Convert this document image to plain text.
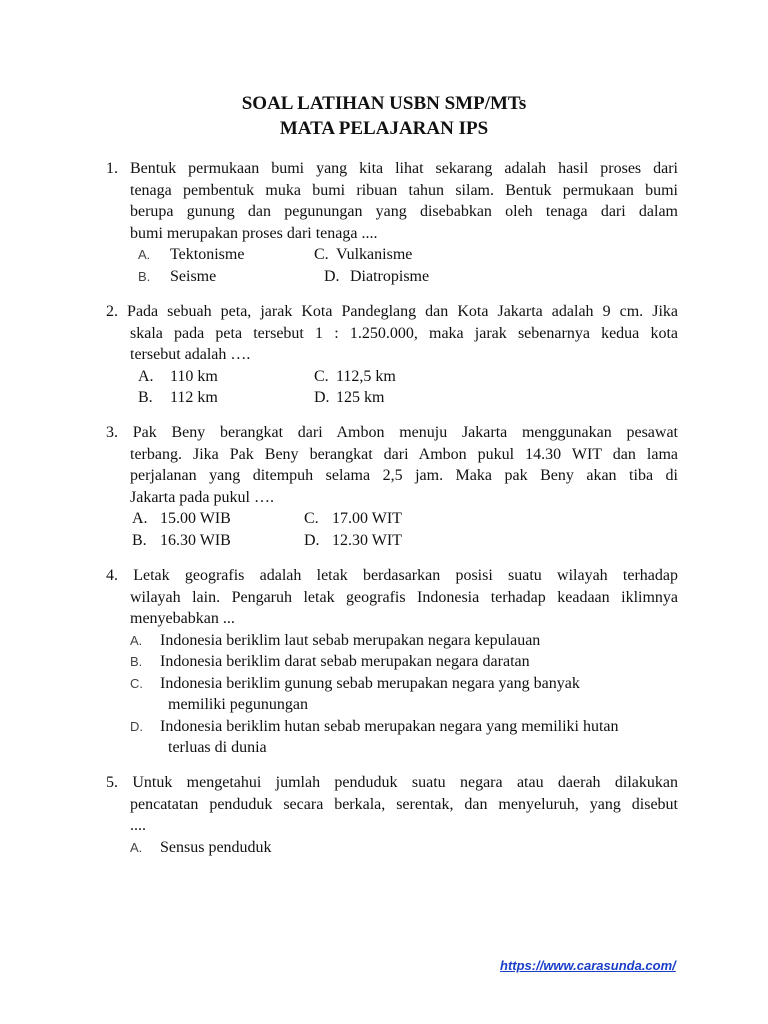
SOAL LATIHAN USBN SMP/MTs
MATA PELAJARAN IPS
1. Bentuk permukaan bumi yang kita lihat sekarang adalah hasil proses dari
tenaga pembentuk muka bumi ribuan tahun silam. Bentuk permukaan bumi
berupa gunung dan pegunungan yang disebabkan oleh tenaga dari dalam
bumi merupakan proses dari tenaga ....
A. Tektonisme	C. Vulkanisme
B. Seisme	D. Diatropisme
2. Pada sebuah peta, jarak Kota Pandeglang dan Kota Jakarta adalah 9 cm. Jika
skala pada peta tersebut 1 : 1.250.000, maka jarak sebenarnya kedua kota
tersebut adalah ….
A. 110 km	C. 112,5 km
B. 112 km	D. 125 km
3. Pak Beny berangkat dari Ambon menuju Jakarta menggunakan pesawat
terbang. Jika Pak Beny berangkat dari Ambon pukul 14.30 WIT dan lama
perjalanan yang ditempuh selama 2,5 jam. Maka pak Beny akan tiba di
Jakarta pada pukul ….
A. 15.00 WIB	C. 17.00 WIT
B. 16.30 WIB	D. 12.30 WIT
4. Letak geografis adalah letak berdasarkan posisi suatu wilayah terhadap
wilayah lain. Pengaruh letak geografis Indonesia terhadap keadaan iklimnya
menyebabkan ...
A.	Indonesia beriklim laut sebab merupakan negara kepulauan
B.	Indonesia beriklim darat sebab merupakan negara daratan
C.	Indonesia beriklim gunung sebab merupakan negara yang banyak
memiliki pegunungan
D.	Indonesia beriklim hutan sebab merupakan negara yang memiliki hutan
terluas di dunia
5. Untuk mengetahui jumlah penduduk suatu negara atau daerah dilakukan
pencatatan penduduk secara berkala, serentak, dan menyeluruh, yang disebut
....
A.	Sensus penduduk
https://www.carasunda.com/
